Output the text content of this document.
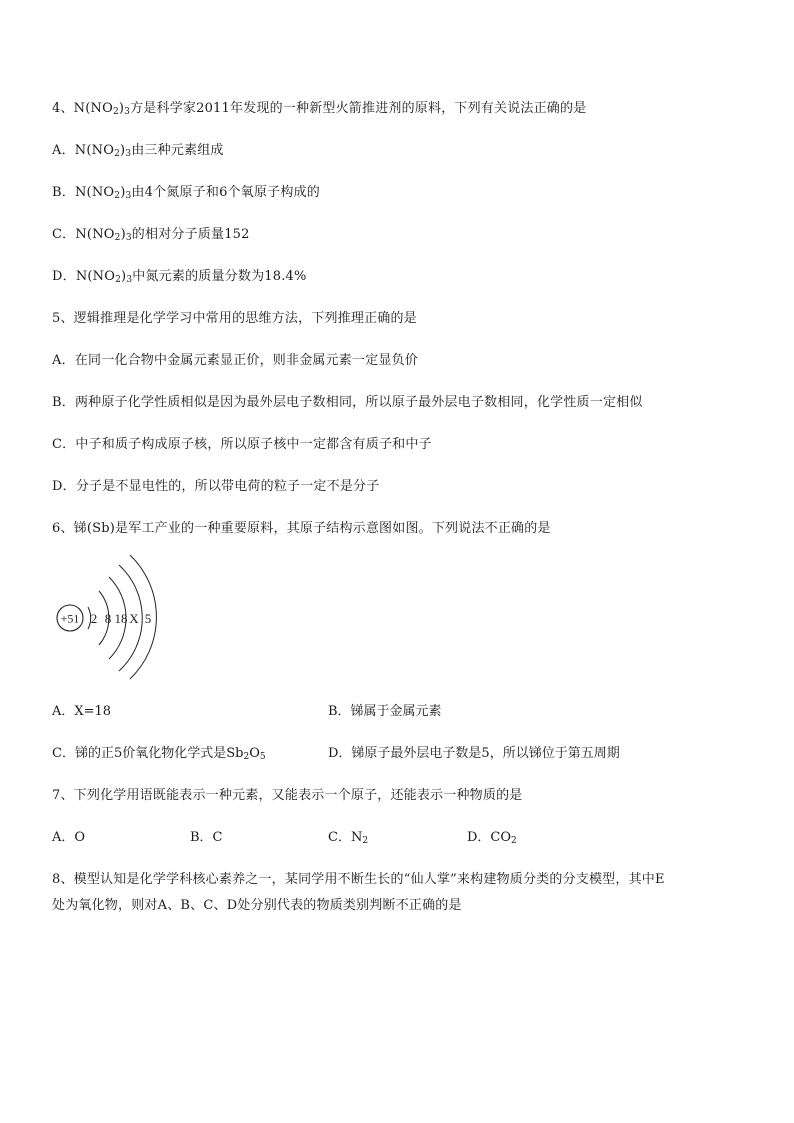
4、$N(NO_2)_3$方是科学家2011年发现的一种新型火箭推进剂的原料，下列有关说法正确的是
A．$N(NO_2)_3$由三种元素组成
B．$N(NO_2)_3$由4个氮原子和6个氧原子构成的
C．$N(NO_2)_3$的相对分子质量152
D．$N(NO_2)_3$中氮元素的质量分数为18.4%
5、逻辑推理是化学学习中常用的思维方法，下列推理正确的是
A．在同一化合物中金属元素显正价，则非金属元素一定显负价
B．两种原子化学性质相似是因为最外层电子数相同，所以原子最外层电子数相同，化学性质一定相似
C．中子和质子构成原子核，所以原子核中一定都含有质子和中子
D．分子是不显电性的，所以带电荷的粒子一定不是分子
6、锑(Sb)是军工产业的一种重要原料，其原子结构示意图如图。下列说法不正确的是
+51 2 8 18 X 5
A．X=18	B．锑属于金属元素
C．锑的正5价氧化物化学式是$Sb_2O_5$	D．锑原子最外层电子数是5，所以锑位于第五周期
7、下列化学用语既能表示一种元素，又能表示一个原子，还能表示一种物质的是
A．O	B．C	C．$N_2$	D．$CO_2$
8、模型认知是化学学科核心素养之一，某同学用不断生长的“仙人掌”来构建物质分类的分支模型，其中E
处为氧化物，则对A、B、C、D处分别代表的物质类别判断不正确的是
